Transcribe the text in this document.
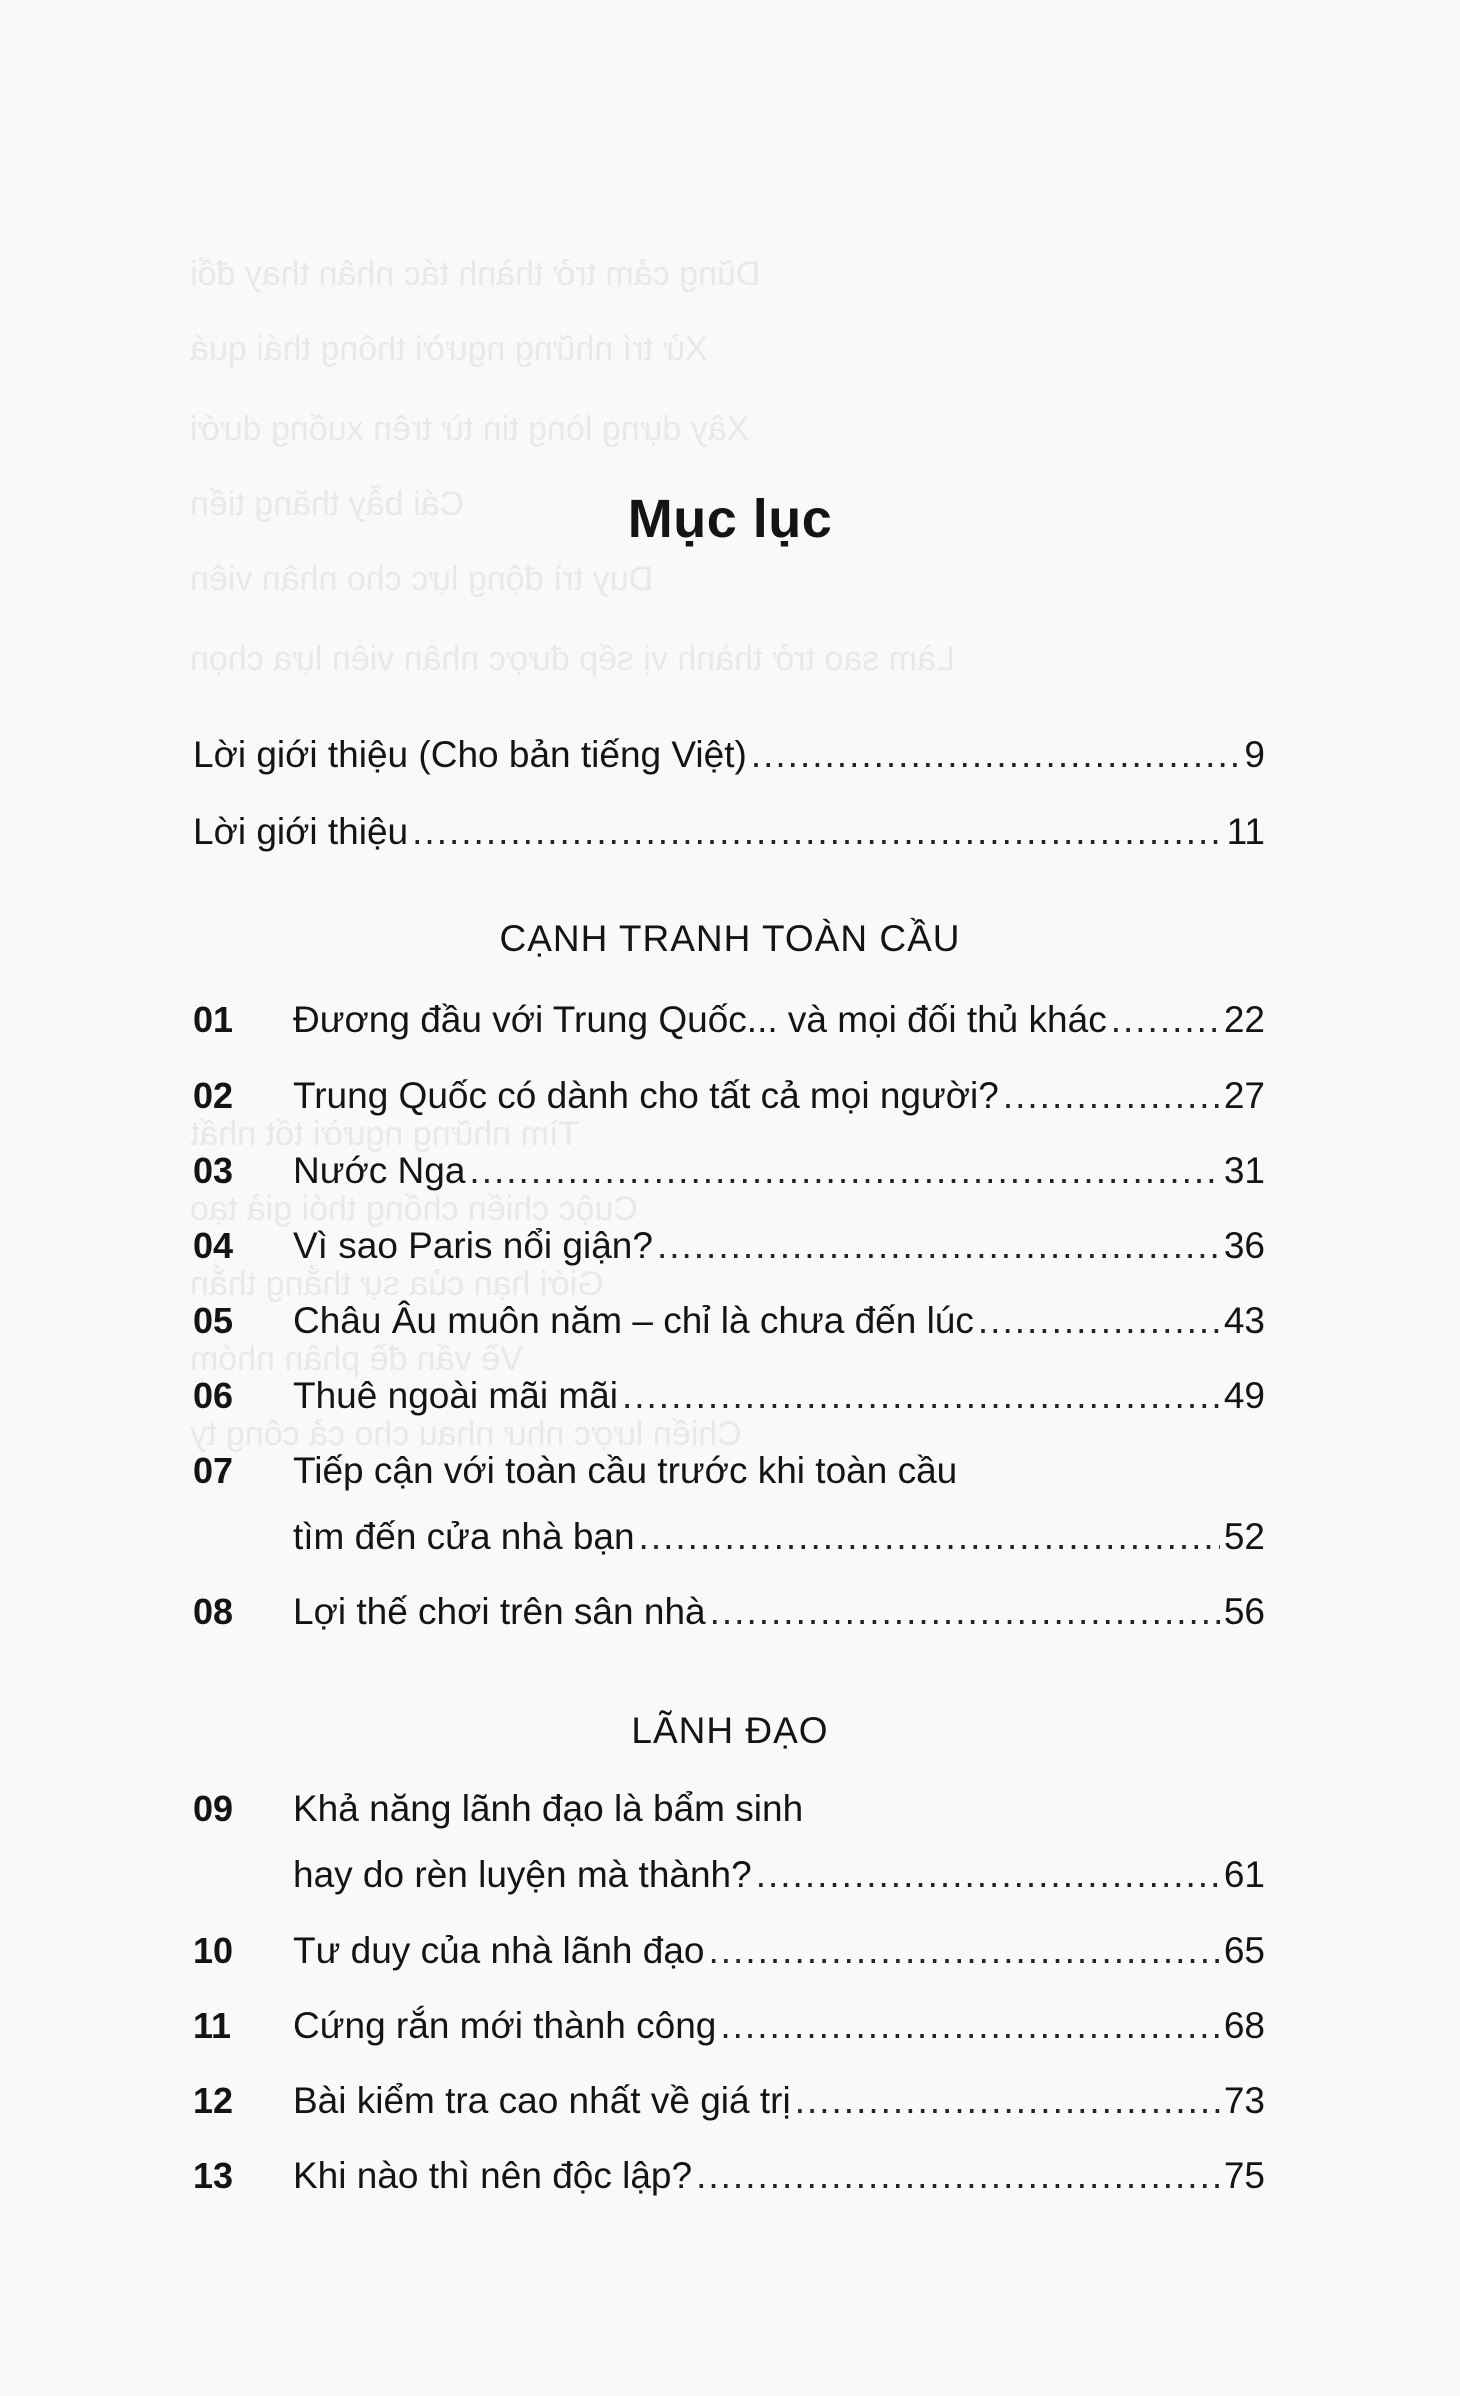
Dũng cảm trở thành tác nhân thay đổi
Xử trí những người thông thái quá
Xây dựng lòng tin từ trên xuống dưới
Cái bẫy thăng tiến
Duy trì động lực cho nhân viên
Làm sao trở thành vị sếp được nhân viên lựa chọn
Tìm những người tốt nhất
Cuộc chiến chống thói giả tạo
Giới hạn của sự thẳng thắn
Về vấn đề phân nhóm
Chiến lược như nhau cho cả công ty
Mục lục
Lời giới thiệu (Cho bản tiếng Việt) .....	9
Lời giới thiệu .....	11
CẠNH TRANH TOÀN CẦU
01	Đương đầu với Trung Quốc... và mọi đối thủ khác .....	22
02	Trung Quốc có dành cho tất cả mọi người? .....	27
03	Nước Nga .....	31
04	Vì sao Paris nổi giận? .....	36
05	Châu Âu muôn năm – chỉ là chưa đến lúc .....	43
06	Thuê ngoài mãi mãi .....	49
07	Tiếp cận với toàn cầu trước khi toàn cầu
tìm đến cửa nhà bạn .....	52
08	Lợi thế chơi trên sân nhà .....	56
LÃNH ĐẠO
09	Khả năng lãnh đạo là bẩm sinh
hay do rèn luyện mà thành? .....	61
10	Tư duy của nhà lãnh đạo .....	65
11	Cứng rắn mới thành công .....	68
12	Bài kiểm tra cao nhất về giá trị .....	73
13	Khi nào thì nên độc lập? .....	75
